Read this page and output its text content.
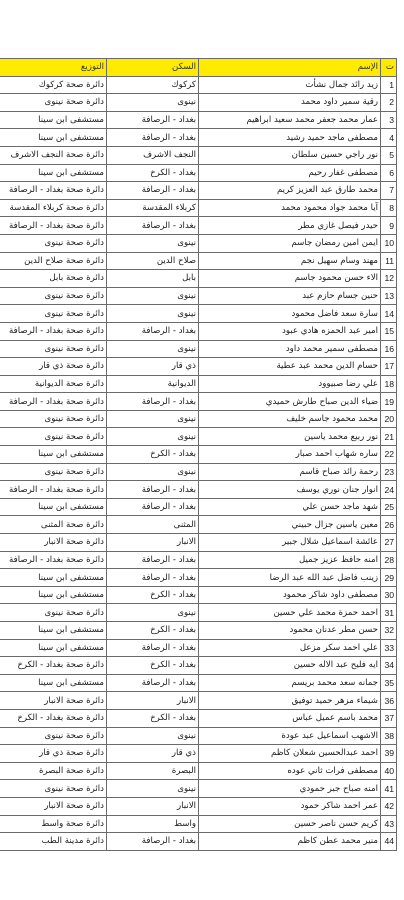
ت	الإسم	السكن	التوزيع
1	زيد رائد جمال نشأت	كركوك	دائرة صحة كركوك
2	رقية سمير داود محمد	نينوى	دائرة صحة نينوى
3	عمار محمد جعفر محمد سعيد ابراهيم	بغداد - الرصافة	مستشفى ابن سينا
4	مصطفى ماجد حميد رشيد	بغداد - الرصافة	مستشفى ابن سينا
5	نور راجي حسين سلطان	النجف الاشرف	دائرة صحة النجف الاشرف
6	مصطفى غفار رحيم	بغداد - الكرخ	مستشفى ابن سينا
7	محمد طارق عبد العزيز كريم	بغداد - الرصافة	دائرة صحة بغداد - الرصافة
8	آيا محمد جواد محمود محمد	كربلاء المقدسة	دائرة صحة كربلاء المقدسة
9	حيدر فيصل غازي مطر	بغداد - الرصافة	دائرة صحة بغداد - الرصافة
10	ايمن امين رمضان جاسم	نينوى	دائرة صحة نينوى
11	مهند وسام سهيل نجم	صلاح الدين	دائرة صحة صلاح الدين
12	الاء حسن محمود جاسم	بابل	دائرة صحة بابل
13	حنين جسام حازم عبد	نينوى	دائرة صحة نينوى
14	سارة سعد فاضل محمود	نينوى	دائرة صحة نينوى
15	امير عبد الحمزه هادي عبود	بغداد - الرصافة	دائرة صحة بغداد - الرصافة
16	مصطفى سمير محمد داود	نينوى	دائرة صحة نينوى
17	حسام الدين محمد عبد عطية	ذي قار	دائرة صحة ذي قار
18	علي رضا صبيوود	الديوانية	دائرة صحة الديوانية
19	ضياء الدين صباح طارش حميدي	بغداد - الرصافة	دائرة صحة بغداد - الرصافة
20	محمد محمود جاسم خليف	نينوى	دائرة صحة نينوى
21	نور ربيع محمد ياسين	نينوى	دائرة صحة نينوى
22	ساره شهاب احمد صبار	بغداد - الكرخ	مستشفى ابن سينا
23	رحمة رائد صباح قاسم	نينوى	دائرة صحة نينوى
24	انوار جنان نوري يوسف	بغداد - الرصافة	دائرة صحة بغداد - الرصافة
25	شهد ماجد حسن علي	بغداد - الرصافة	مستشفى ابن سينا
26	معين ياسين جزال حبيني	المثنى	دائرة صحة المثنى
27	عائشة اسماعيل شلال جبير	الانبار	دائرة صحة الانبار
28	امنه حافظ عزيز جميل	بغداد - الرصافة	دائرة صحة بغداد - الرصافة
29	زينب فاضل عبد الله عبد الرضا	بغداد - الرصافة	مستشفى ابن سينا
30	مصطفى داود شاكر محمود	بغداد - الكرخ	مستشفى ابن سينا
31	احمد حمزة محمد علي حسين	نينوى	دائرة صحة نينوى
32	حسن مطر عدنان محمود	بغداد - الكرخ	مستشفى ابن سينا
33	علي احمد سكر مزعل	بغداد - الرصافة	مستشفى ابن سينا
34	ايه فليح عبد الاله حسين	بغداد - الكرخ	دائرة صحة بغداد - الكرخ
35	جمانه سعد محمد بريسم	بغداد - الرصافة	مستشفى ابن سينا
36	شيماء مزهر حميد توفيق	الانبار	دائرة صحة الانبار
37	محمد باسم عميل عباس	بغداد - الكرخ	دائرة صحة بغداد - الكرخ
38	الاشهب اسماعيل عبد عودة	نينوى	دائرة صحة نينوى
39	احمد عبدالحسين شعلان كاظم	ذي قار	دائرة صحة ذي قار
40	مصطفى فرات ثاني عوده	البصرة	دائرة صحة البصرة
41	امنه صباح جبر حمودي	نينوى	دائرة صحة نينوى
42	عمر احمد شاكر حمود	الانبار	دائرة صحة الانبار
43	كريم حسن ناصر حسين	واسط	دائرة صحة واسط
44	منير محمد عطن كاظم	بغداد - الرصافة	دائرة مدينة الطب
